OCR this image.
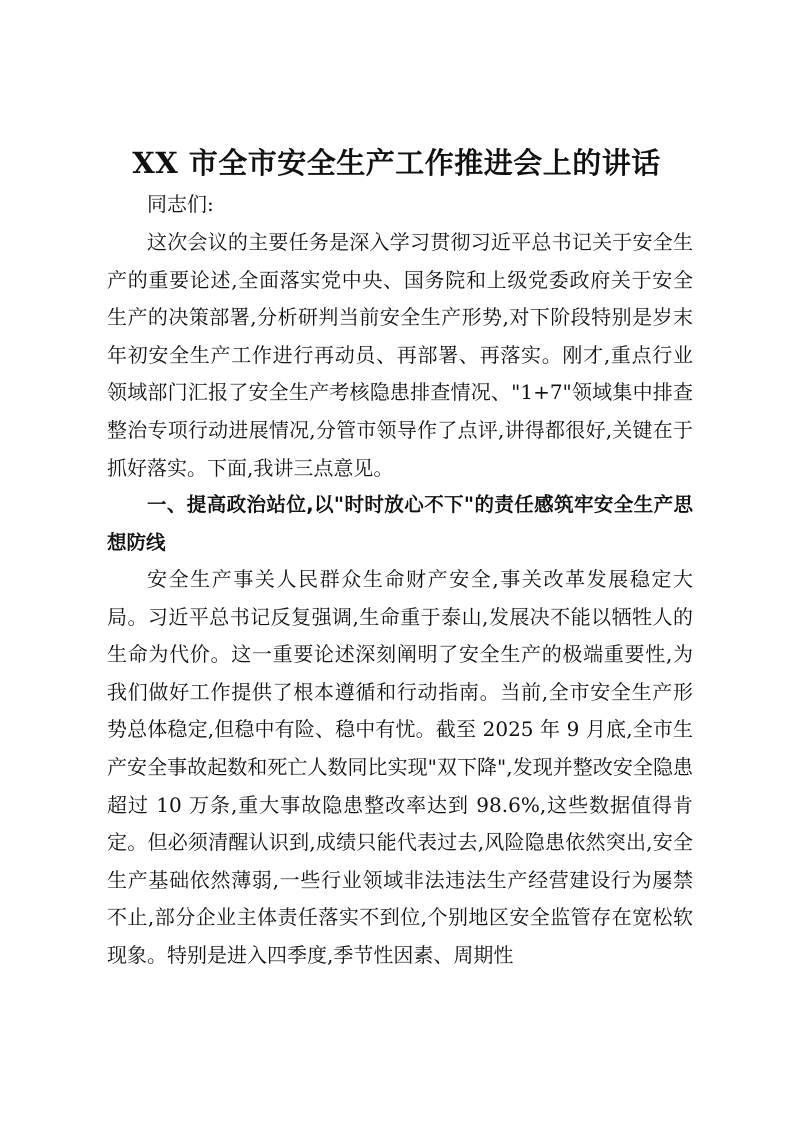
XX 市全市安全生产工作推进会上的讲话

同志们:

这次会议的主要任务是深入学习贯彻习近平总书记关于安全生产的重要论述,全面落实党中央、国务院和上级党委政府关于安全生产的决策部署,分析研判当前安全生产形势,对下阶段特别是岁末年初安全生产工作进行再动员、再部署、再落实。刚才,重点行业领域部门汇报了安全生产考核隐患排查情况、"1+7"领域集中排查整治专项行动进展情况,分管市领导作了点评,讲得都很好,关键在于抓好落实。下面,我讲三点意见。

一、提高政治站位,以"时时放心不下"的责任感筑牢安全生产思想防线

安全生产事关人民群众生命财产安全,事关改革发展稳定大局。习近平总书记反复强调,生命重于泰山,发展决不能以牺牲人的生命为代价。这一重要论述深刻阐明了安全生产的极端重要性,为我们做好工作提供了根本遵循和行动指南。当前,全市安全生产形势总体稳定,但稳中有险、稳中有忧。截至 2025 年 9 月底,全市生产安全事故起数和死亡人数同比实现"双下降",发现并整改安全隐患超过 10 万条,重大事故隐患整改率达到 98.6%,这些数据值得肯定。但必须清醒认识到,成绩只能代表过去,风险隐患依然突出,安全生产基础依然薄弱,一些行业领域非法违法生产经营建设行为屡禁不止,部分企业主体责任落实不到位,个别地区安全监管存在宽松软现象。特别是进入四季度,季节性因素、周期性
